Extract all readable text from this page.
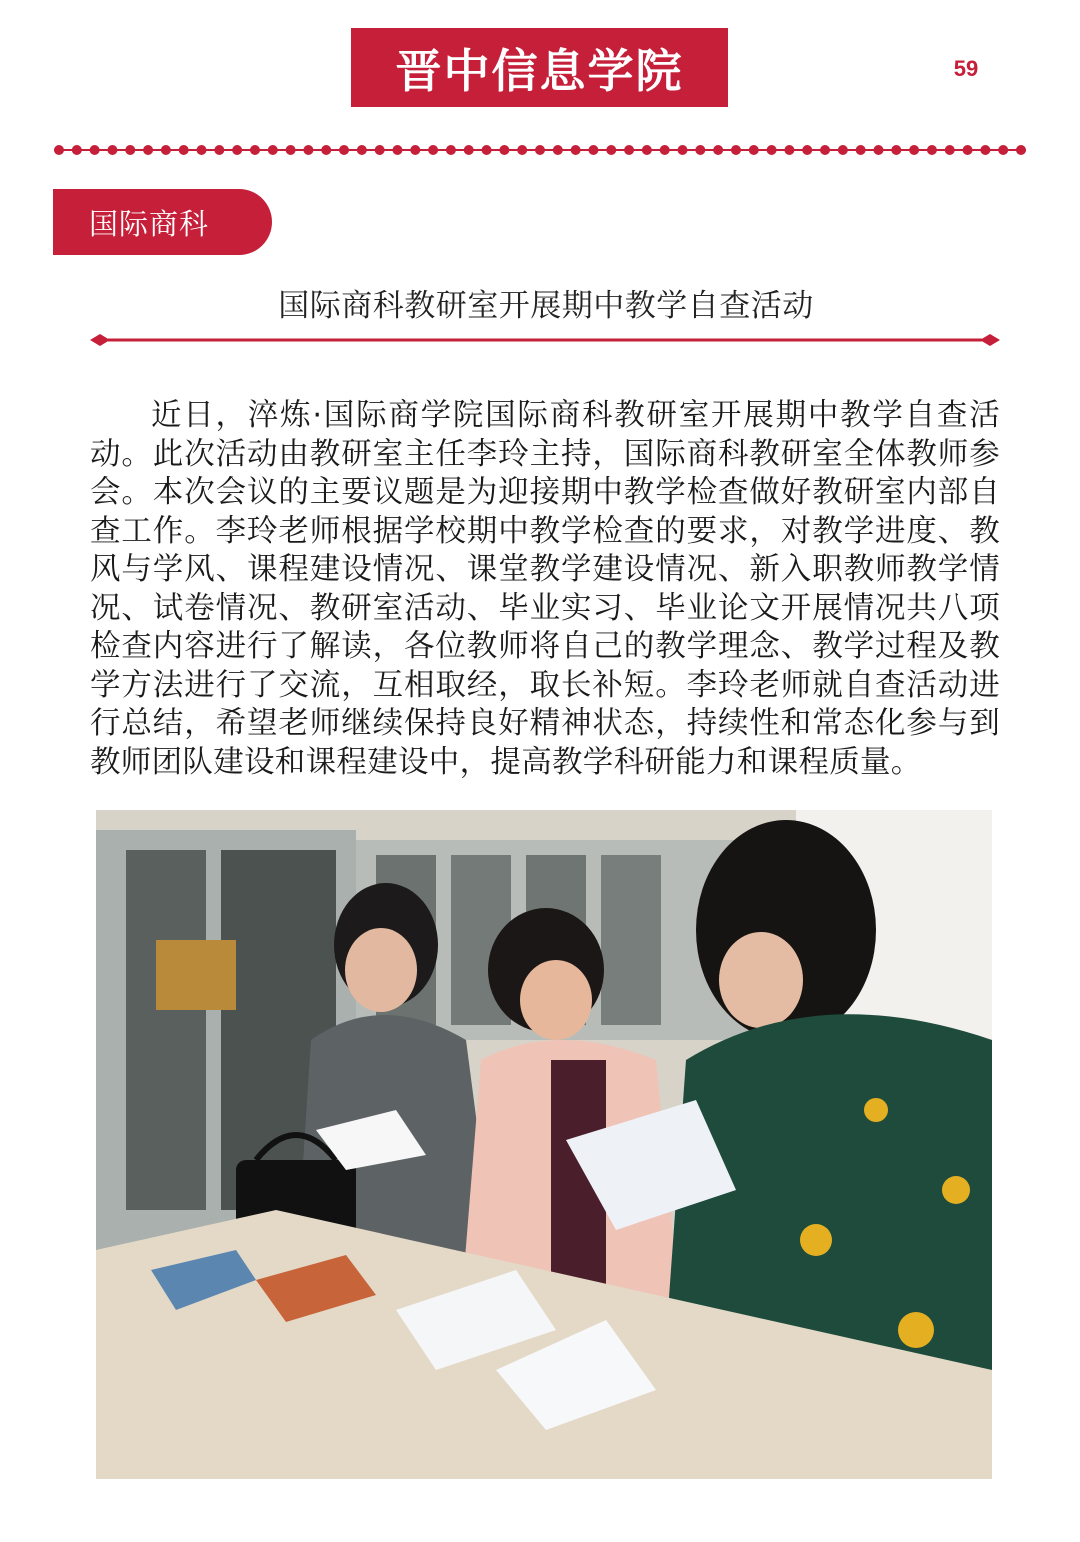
晋中信息学院	59
国际商科
国际商科教研室开展期中教学自查活动

近日，淬炼·国际商学院国际商科教研室开展期中教学自查活动。此次活动由教研室主任李玲主持，国际商科教研室全体教师参会。本次会议的主要议题是为迎接期中教学检查做好教研室内部自查工作。李玲老师根据学校期中教学检查的要求，对教学进度、教风与学风、课程建设情况、课堂教学建设情况、新入职教师教学情况、试卷情况、教研室活动、毕业实习、毕业论文开展情况共八项检查内容进行了解读，各位教师将自己的教学理念、教学过程及教学方法进行了交流，互相取经，取长补短。李玲老师就自查活动进行总结，希望老师继续保持良好精神状态，持续性和常态化参与到教师团队建设和课程建设中，提高教学科研能力和课程质量。
